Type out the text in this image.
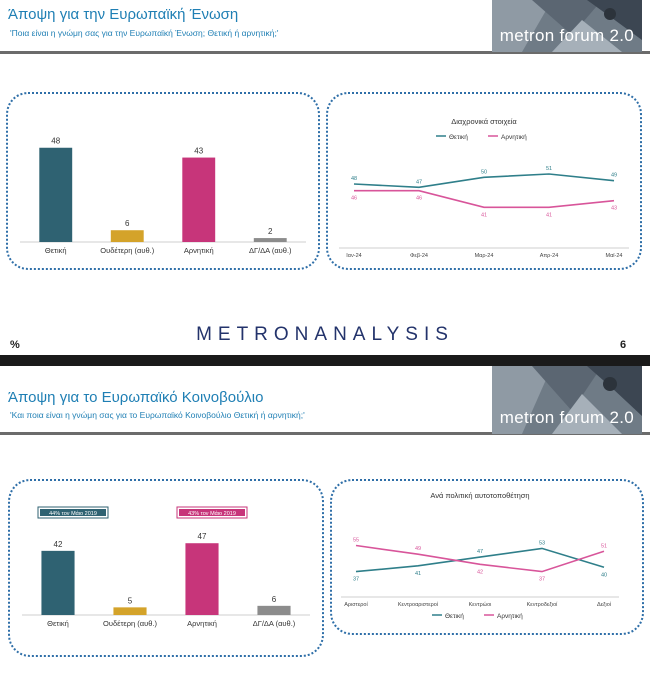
Άποψη για την Ευρωπαϊκή Ένωση
'Ποια είναι η γνώμη σας για την Ευρωπαϊκή Ένωση; Θετική ή αρνητική;'	metron forum 2.0
48
Θετική
6
Ουδέτερη (αυθ.)
43
Αρνητική
2
ΔΓ/ΔΑ (αυθ.)
Διαχρονικά στοιχεία
Θετική	Αρνητική
Ιαν-24	Φεβ-24	Μαρ-24	Απρ-24	Μαϊ-24
48
47
50
51
49
46	46
41	41
43
METRONANALYSIS
%	6
Άποψη για το Ευρωπαϊκό Κοινοβούλιο
'Και ποια είναι η γνώμη σας για το Ευρωπαϊκό Κοινοβούλιο Θετική ή αρνητική;'	metron forum 2.0
42
Θετική
5
Ουδέτερη (αυθ.)
47
Αρνητική
6
ΔΓ/ΔΑ (αυθ.)
44% τον Μάιο 2019	43% τον Μάιο 2019
Ανά πολιτική αυτοτοποθέτηση
Θετική	Αρνητική
Αριστεροί	Κεντροαριστεροί	Κεντρώοι	Κεντροδεξιοί	Δεξιοί
37
41
47
53
40
55
49
42
37
51
